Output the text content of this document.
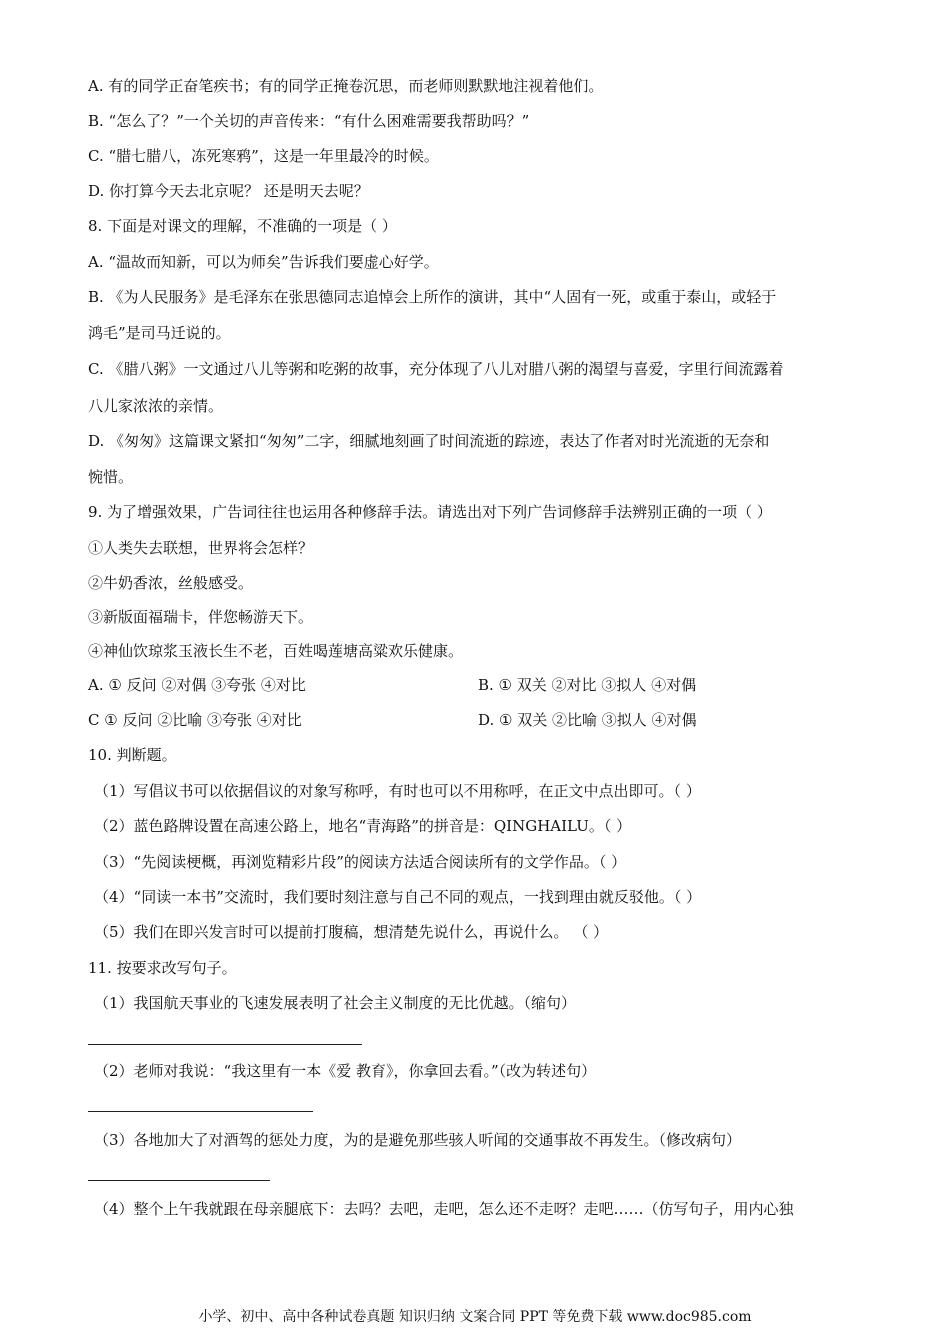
A. 有的同学正奋笔疾书；有的同学正掩卷沉思，而老师则默默地注视着他们。
B. “怎么了？”一个关切的声音传来：“有什么困难需要我帮助吗？”
C. “腊七腊八，冻死寒鸦”，这是一年里最冷的时候。
D. 你打算今天去北京呢？ 还是明天去呢？
8. 下面是对课文的理解，不准确的一项是（ ）
A. “温故而知新，可以为师矣”告诉我们要虚心好学。
B. 《为人民服务》是毛泽东在张思德同志追悼会上所作的演讲，其中“人固有一死，或重于泰山，或轻于
鸿毛”是司马迁说的。
C. 《腊八粥》一文通过八儿等粥和吃粥的故事，充分体现了八儿对腊八粥的渴望与喜爱，字里行间流露着
八儿家浓浓的亲情。
D. 《匆匆》这篇课文紧扣“匆匆”二字，细腻地刻画了时间流逝的踪迹，表达了作者对时光流逝的无奈和
惋惜。
9. 为了增强效果，广告词往往也运用各种修辞手法。请选出对下列广告词修辞手法辨别正确的一项（ ）
①人类失去联想，世界将会怎样？
②牛奶香浓，丝般感受。
③新版面福瑞卡，伴您畅游天下。
④神仙饮琼浆玉液长生不老，百姓喝莲塘高粱欢乐健康。
A. ① 反问 ②对偶 ③夸张 ④对比	B. ① 双关 ②对比 ③拟人 ④对偶
C ① 反问 ②比喻 ③夸张 ④对比	D. ① 双关 ②比喻 ③拟人 ④对偶
10. 判断题。
（1）写倡议书可以依据倡议的对象写称呼，有时也可以不用称呼，在正文中点出即可。（ ）
（2）蓝色路牌设置在高速公路上，地名“青海路”的拼音是：QINGHAILU。（ ）
（3）“先阅读梗概，再浏览精彩片段”的阅读方法适合阅读所有的文学作品。（ ）
（4）“同读一本书”交流时，我们要时刻注意与自己不同的观点，一找到理由就反驳他。（ ）
（5）我们在即兴发言时可以提前打腹稿，想清楚先说什么，再说什么。 （ ）
11. 按要求改写句子。
（1）我国航天事业的飞速发展表明了社会主义制度的无比优越。（缩句）
（2）老师对我说：“我这里有一本《爱 教育》，你拿回去看。”（改为转述句）
（3）各地加大了对酒驾的惩处力度，为的是避免那些骇人听闻的交通事故不再发生。（修改病句）
（4）整个上午我就跟在母亲腿底下：去吗？去吧，走吧，怎么还不走呀？走吧……（仿写句子，用内心独
小学、初中、高中各种试卷真题 知识归纳 文案合同 PPT 等免费下载 www.doc985.com
